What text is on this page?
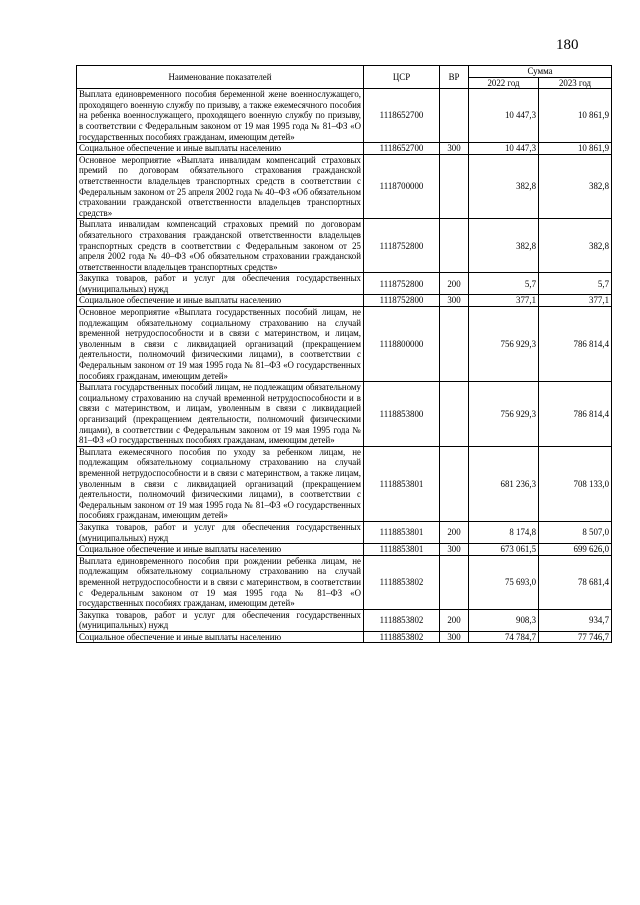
180
Наименование показателей	ЦСР	ВР	Сумма	
			2022 год	2023 год
Выплата единовременного пособия беременной жене военнослужащего, проходящего военную службу по призыву, а также ежемесячного пособия на ребенка военнослужащего, проходящего военную службу по призыву, в соответствии с Федеральным законом от 19 мая 1995 года № 81–ФЗ «О государственных пособиях гражданам, имеющим детей»	1118652700		10 447,3	10 861,9
Социальное обеспечение и иные выплаты населению	1118652700	300	10 447,3	10 861,9
Основное мероприятие «Выплата инвалидам компенсаций страховых премий по договорам обязательного страхования гражданской ответственности владельцев транспортных средств в соответствии с Федеральным законом от 25 апреля 2002 года № 40–ФЗ «Об обязательном страховании гражданской ответственности владельцев транспортных средств»	1118700000		382,8	382,8
Выплата инвалидам компенсаций страховых премий по договорам обязательного страхования гражданской ответственности владельцев транспортных средств в соответствии с Федеральным законом от 25 апреля 2002 года № 40–ФЗ «Об обязательном страховании гражданской ответственности владельцев транспортных средств»	1118752800		382,8	382,8
Закупка товаров, работ и услуг для обеспечения государственных (муниципальных) нужд	1118752800	200	5,7	5,7
Социальное обеспечение и иные выплаты населению	1118752800	300	377,1	377,1
Основное мероприятие «Выплата государственных пособий лицам, не подлежащим обязательному социальному страхованию на случай временной нетрудоспособности и в связи с материнством, и лицам, уволенным в связи с ликвидацией организаций (прекращением деятельности, полномочий физическими лицами), в соответствии с Федеральным законом от 19 мая 1995 года № 81–ФЗ «О государственных пособиях гражданам, имеющим детей»	1118800000		756 929,3	786 814,4
Выплата государственных пособий лицам, не подлежащим обязательному социальному страхованию на случай временной нетрудоспособности и в связи с материнством, и лицам, уволенным в связи с ликвидацией организаций (прекращением деятельности, полномочий физическими лицами), в соответствии с Федеральным законом от 19 мая 1995 года № 81–ФЗ «О государственных пособиях гражданам, имеющим детей»	1118853800		756 929,3	786 814,4
Выплата ежемесячного пособия по уходу за ребенком лицам, не подлежащим обязательному социальному страхованию на случай временной нетрудоспособности и в связи с материнством, а также лицам, уволенным в связи с ликвидацией организаций (прекращением деятельности, полномочий физическими лицами), в соответствии с Федеральным законом от 19 мая 1995 года № 81–ФЗ «О государственных пособиях гражданам, имеющим детей»	1118853801		681 236,3	708 133,0
Закупка товаров, работ и услуг для обеспечения государственных (муниципальных) нужд	1118853801	200	8 174,8	8 507,0
Социальное обеспечение и иные выплаты населению	1118853801	300	673 061,5	699 626,0
Выплата единовременного пособия при рождении ребенка лицам, не подлежащим обязательному социальному страхованию на случай временной нетрудоспособности и в связи с материнством, в соответствии с Федеральным законом от 19 мая 1995 года № 81–ФЗ «О государственных пособиях гражданам, имеющим детей»	1118853802		75 693,0	78 681,4
Закупка товаров, работ и услуг для обеспечения государственных (муниципальных) нужд	1118853802	200	908,3	934,7
Социальное обеспечение и иные выплаты населению	1118853802	300	74 784,7	77 746,7
